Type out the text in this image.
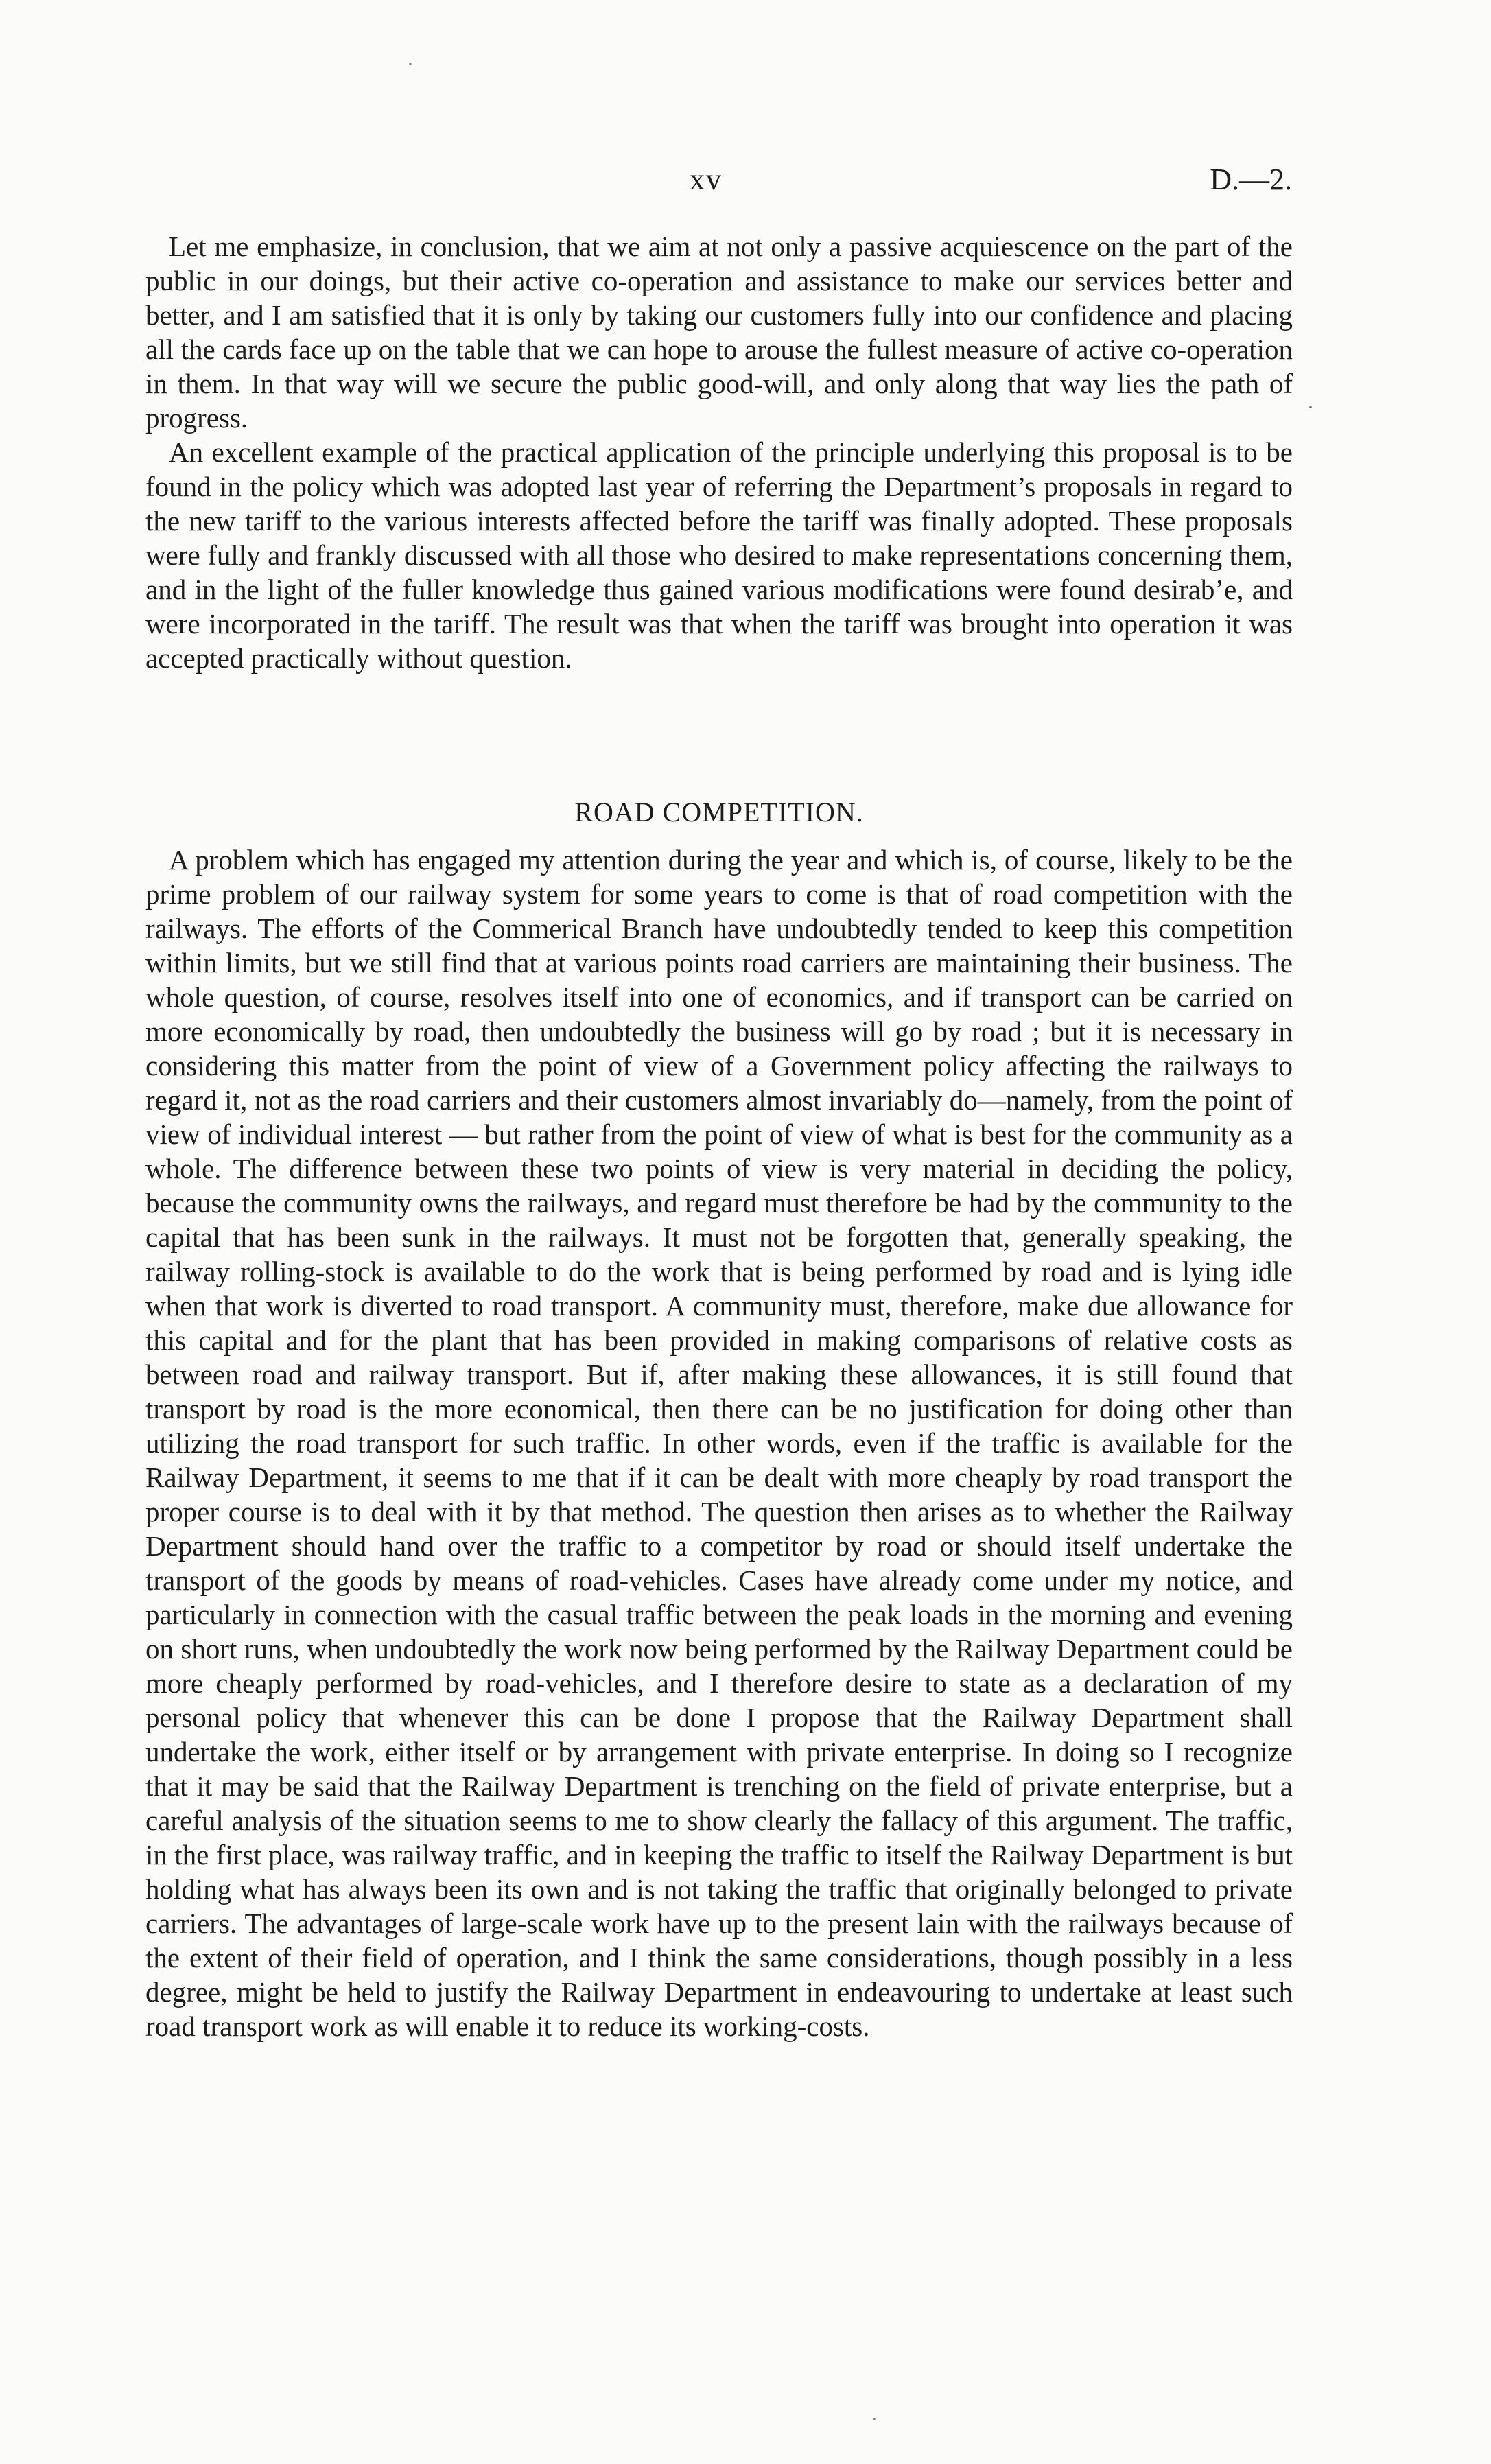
xv	D.—2.

Let me emphasize, in conclusion, that we aim at not only a passive acquiescence on the part of the public in our doings, but their active co-operation and assistance to make our services better and better, and I am satisfied that it is only by taking our customers fully into our confidence and placing all the cards face up on the table that we can hope to arouse the fullest measure of active co-operation in them. In that way will we secure the public good-will, and only along that way lies the path of progress.

An excellent example of the practical application of the principle underlying this proposal is to be found in the policy which was adopted last year of referring the Department’s proposals in regard to the new tariff to the various interests affected before the tariff was finally adopted. These proposals were fully and frankly discussed with all those who desired to make representations concerning them, and in the light of the fuller knowledge thus gained various modifications were found desirab’e, and were incorporated in the tariff. The result was that when the tariff was brought into operation it was accepted practically without question.

ROAD COMPETITION.

A problem which has engaged my attention during the year and which is, of course, likely to be the prime problem of our railway system for some years to come is that of road competition with the railways. The efforts of the Commerical Branch have undoubtedly tended to keep this competition within limits, but we still find that at various points road carriers are maintaining their business. The whole question, of course, resolves itself into one of economics, and if transport can be carried on more economically by road, then undoubtedly the business will go by road ; but it is necessary in considering this matter from the point of view of a Government policy affecting the railways to regard it, not as the road carriers and their customers almost invariably do—namely, from the point of view of individual interest — but rather from the point of view of what is best for the community as a whole. The difference between these two points of view is very material in deciding the policy, because the community owns the railways, and regard must therefore be had by the community to the capital that has been sunk in the railways. It must not be forgotten that, generally speaking, the railway rolling-stock is available to do the work that is being performed by road and is lying idle when that work is diverted to road transport. A community must, therefore, make due allowance for this capital and for the plant that has been provided in making comparisons of relative costs as between road and railway transport. But if, after making these allowances, it is still found that transport by road is the more economical, then there can be no justification for doing other than utilizing the road transport for such traffic. In other words, even if the traffic is available for the Railway Department, it seems to me that if it can be dealt with more cheaply by road transport the proper course is to deal with it by that method. The question then arises as to whether the Railway Department should hand over the traffic to a competitor by road or should itself undertake the transport of the goods by means of road-vehicles. Cases have already come under my notice, and particularly in connection with the casual traffic between the peak loads in the morning and evening on short runs, when undoubtedly the work now being performed by the Railway Department could be more cheaply performed by road-vehicles, and I therefore desire to state as a declaration of my personal policy that whenever this can be done I propose that the Railway Department shall undertake the work, either itself or by arrangement with private enterprise. In doing so I recognize that it may be said that the Railway Department is trenching on the field of private enterprise, but a careful analysis of the situation seems to me to show clearly the fallacy of this argument. The traffic, in the first place, was railway traffic, and in keeping the traffic to itself the Railway Department is but holding what has always been its own and is not taking the traffic that originally belonged to private carriers. The advantages of large-scale work have up to the present lain with the railways because of the extent of their field of operation, and I think the same considerations, though possibly in a less degree, might be held to justify the Railway Department in endeavouring to undertake at least such road transport work as will enable it to reduce its working-costs.
